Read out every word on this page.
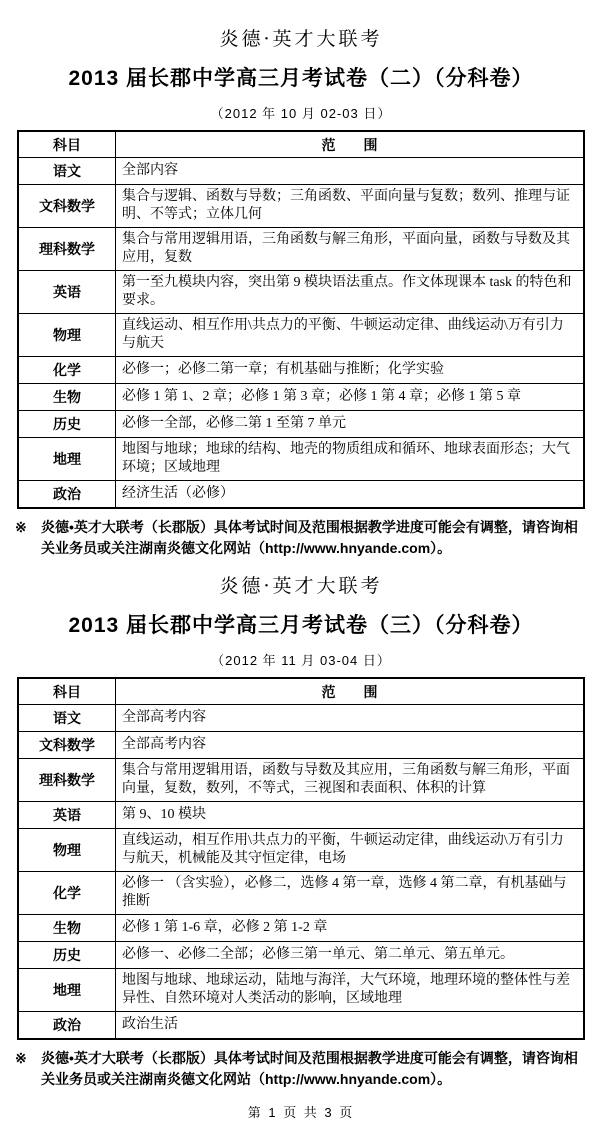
炎德·英才大联考
2013 届长郡中学高三月考试卷（二）（分科卷）
（2012 年 10 月 02-03 日）
科目	范　　围
语文	全部内容
文科数学	集合与逻辑、函数与导数；三角函数、平面向量与复数；数列、推理与证明、不等式；立体几何
理科数学	集合与常用逻辑用语，三角函数与解三角形，平面向量，函数与导数及其应用，复数
英语	第一至九模块内容，突出第 9 模块语法重点。作文体现课本 task 的特色和要求。
物理	直线运动、相互作用\共点力的平衡、牛顿运动定律、曲线运动\万有引力与航天
化学	必修一；必修二第一章；有机基础与推断；化学实验
生物	必修 1 第 1、2 章；必修 1 第 3 章；必修 1 第 4 章；必修 1 第 5 章
历史	必修一全部，必修二第 1 至第 7 单元
地理	地图与地球；地球的结构、地壳的物质组成和循环、地球表面形态；大气环境；区域地理
政治	经济生活（必修）
※	炎德•英才大联考（长郡版）具体考试时间及范围根据教学进度可能会有调整，请咨询相关业务员或关注湖南炎德文化网站（http://www.hnyande.com）。
炎德·英才大联考
2013 届长郡中学高三月考试卷（三）（分科卷）
（2012 年 11 月 03-04 日）
科目	范　　围
语文	全部高考内容
文科数学	全部高考内容
理科数学	集合与常用逻辑用语，函数与导数及其应用，三角函数与解三角形，平面向量，复数，数列，不等式，三视图和表面积、体积的计算
英语	第 9、10 模块
物理	直线运动，相互作用\共点力的平衡，牛顿运动定律，曲线运动\万有引力与航天，机械能及其守恒定律，电场
化学	必修一 （含实验），必修二，选修 4 第一章，选修 4 第二章，有机基础与推断
生物	必修 1 第 1-6 章，必修 2 第 1-2 章
历史	必修一、必修二全部；必修三第一单元、第二单元、第五单元。
地理	地图与地球、地球运动，陆地与海洋，大气环境，地理环境的整体性与差异性、自然环境对人类活动的影响，区域地理
政治	政治生活
※	炎德•英才大联考（长郡版）具体考试时间及范围根据教学进度可能会有调整，请咨询相关业务员或关注湖南炎德文化网站（http://www.hnyande.com）。
第 1 页 共 3 页
